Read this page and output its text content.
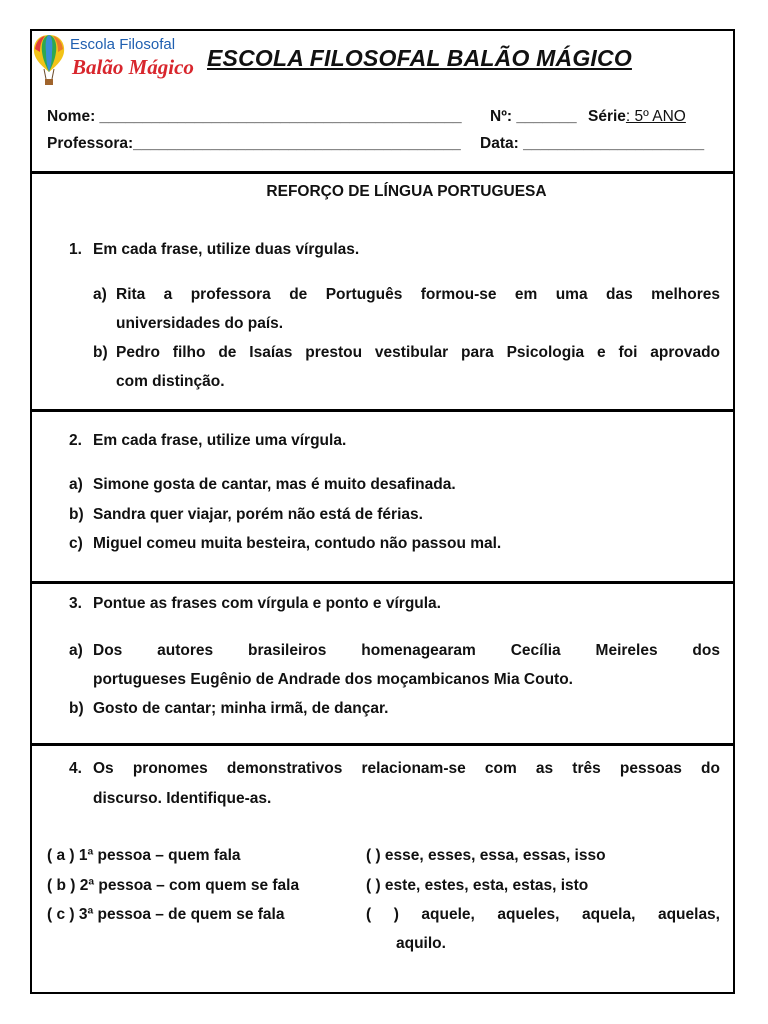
Escola Filosofal
Balão Mágico ESCOLA FILOSOFAL BALÃO MÁGICO
Nome: __________________________________________ Nº: _______ Série: 5º ANO
Professora:______________________________________ Data: _____________________
REFORÇO DE LÍNGUA PORTUGUESA
1. Em cada frase, utilize duas vírgulas.
a) Rita a professora de Português formou-se em uma das melhores
universidades do país.
b) Pedro filho de Isaías prestou vestibular para Psicologia e foi aprovado
com distinção.
2. Em cada frase, utilize uma vírgula.
a) Simone gosta de cantar, mas é muito desafinada.
b) Sandra quer viajar, porém não está de férias.
c) Miguel comeu muita besteira, contudo não passou mal.
3. Pontue as frases com vírgula e ponto e vírgula.
a) Dos autores brasileiros homenagearam Cecília Meireles dos
portugueses Eugênio de Andrade dos moçambicanos Mia Couto.
b) Gosto de cantar; minha irmã, de dançar.
4. Os pronomes demonstrativos relacionam-se com as três pessoas do
discurso. Identifique-as.
( a ) 1ª pessoa – quem fala
( b ) 2ª pessoa – com quem se fala
( c ) 3ª pessoa – de quem se fala
( ) esse, esses, essa, essas, isso
( ) este, estes, esta, estas, isto
( ) aquele, aqueles, aquela, aquelas,
aquilo.
